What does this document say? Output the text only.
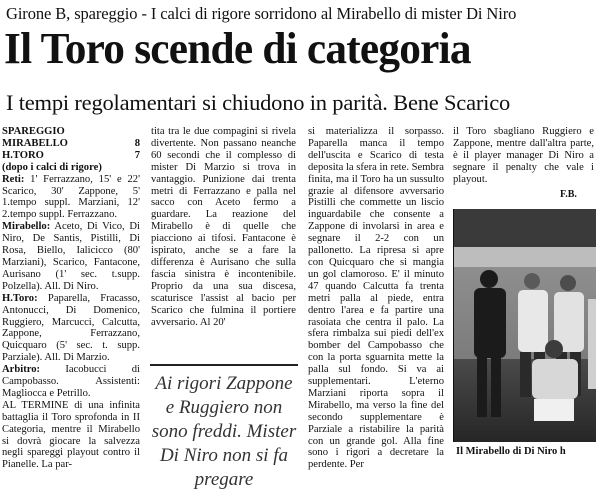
Girone B, spareggio - I calci di rigore sorridono al Mirabello di mister Di Niro
Il Toro scende di categoria
I tempi regolamentari si chiudono in parità. Bene Scarico
SPAREGGIO
MIRABELLO	8
H.TORO	7
(dopo i calci di rigore)

Reti: 1' Ferrazzano, 15' e 22' Scarico, 30' Zappone, 5' 1.tempo suppl. Marziani, 12' 2.tempo suppl. Ferrazzano.

Mirabello: Aceto, Di Vico, Di Niro, De Santis, Pistilli, Di Rosa, Biello, Ialicicco (80' Marziani), Scarico, Fantacone, Aurisano (1' sec. t.supp. Polzella). All. Di Niro.

H.Toro: Paparella, Fracasso, Antonucci, Di Domenico, Ruggiero, Marcucci, Calcutta, Zappone, Ferrazzano, Quicquaro (5' sec. t. supp. Parziale). All. Di Marzio.

Arbitro: Iacobucci di Campobasso. Assistenti: Magliocca e Petrillo.

AL TERMINE di una infinita battaglia il Toro sprofonda in II Categoria, mentre il Mirabello si dovrà giocare la salvezza negli spareggi playout contro il Pianelle. La par-

tita tra le due compagini si rivela divertente. Non passano neanche 60 secondi che il complesso di mister Di Marzio si trova in vantaggio. Punizione dai trenta metri di Ferrazzano e palla nel sacco con Aceto fermo a guardare. La reazione del Mirabello è di quelle che piacciono ai tifosi. Fantacone è ispirato, anche se a fare la differenza è Aurisano che sulla fascia sinistra è incontenibile. Proprio da una sua discesa, scaturisce l'assist al bacio per Scarico che fulmina il portiere avversario. Al 20'

Ai rigori Zappone e Ruggiero non sono freddi. Mister Di Niro non si fa pregare

si materializza il sorpasso. Paparella manca il tempo dell'uscita e Scarico di testa deposita la sfera in rete. Sembra finita, ma il Toro ha un sussulto grazie al difensore avversario Pistilli che commette un liscio inguardabile che consente a Zappone di involarsi in area e segnare il 2-2 con un pallonetto. La ripresa si apre con Quicquaro che si mangia un gol clamoroso. E' il minuto 47 quando Calcutta fa trenta metri palla al piede, entra dentro l'area e fa partire una rasoiata che centra il palo. La sfera rimbalza sui piedi dell'ex bomber del Campobasso che con la porta sguarnita mette la palla sul fondo. Si va ai supplementari. L'eterno Marziani riporta sopra il Mirabello, ma verso la fine del secondo supplementare è Parziale a ristabilire la parità con un grande gol. Alla fine sono i rigori a decretare la perdente. Per

il Toro sbagliano Ruggiero e Zappone, mentre dall'altra parte, è il player manager Di Niro a segnare il penalty che vale i playout.

F.B.
Il Mirabello di Di Niro h
